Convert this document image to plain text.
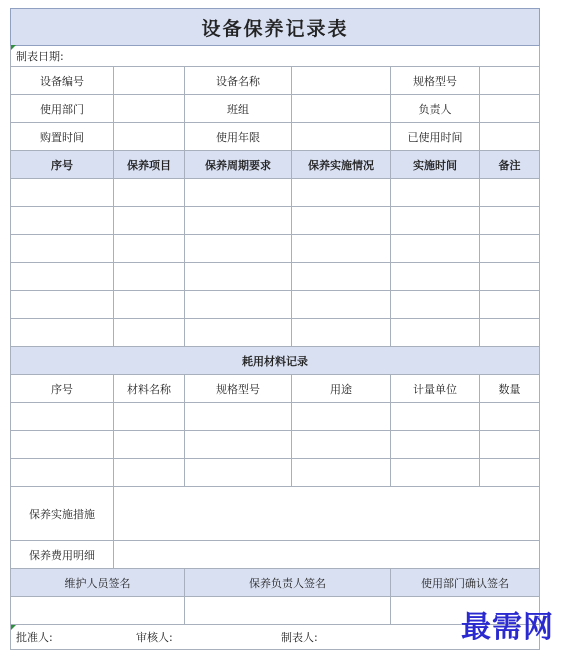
设备保养记录表					
制表日期:					
设备编号		设备名称		规格型号	
使用部门		班组		负责人	
购置时间		使用年限		已使用时间	
序号	保养项目	保养周期要求	保养实施情况	实施时间	备注

耗用材料记录					
序号	材料名称	规格型号	用途	计量单位	数量

保养实施措施					
保养费用明细					
维护人员签名		保养负责人签名		使用部门确认签名	

批准人: 审核人: 制表人:						最需网
